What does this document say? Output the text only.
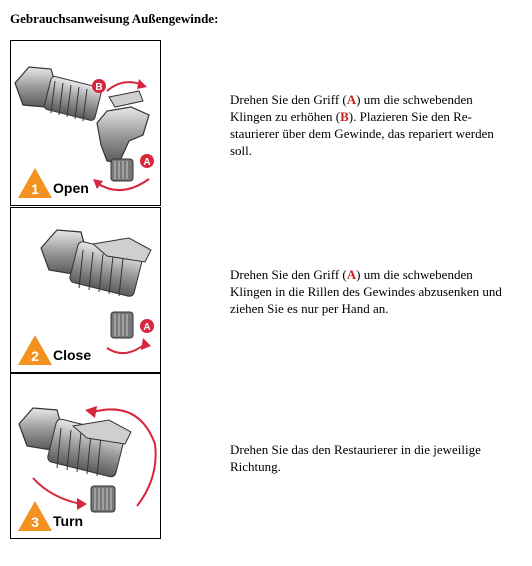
Gebrauchsanweisung Außengewinde:
B
A
1 Open
A
2 Close
3 Turn
Drehen Sie den Griff (A) um die schwebenden Klingen zu erhöhen (B). Plazieren Sie den Re-staurierer über dem Gewinde, das repariert werden soll.
Drehen Sie den Griff (A) um die schwebenden Klingen in die Rillen des Gewindes abzusenken und ziehen Sie es nur per Hand an.
Drehen Sie das den Restaurierer in die jeweilige Richtung.
